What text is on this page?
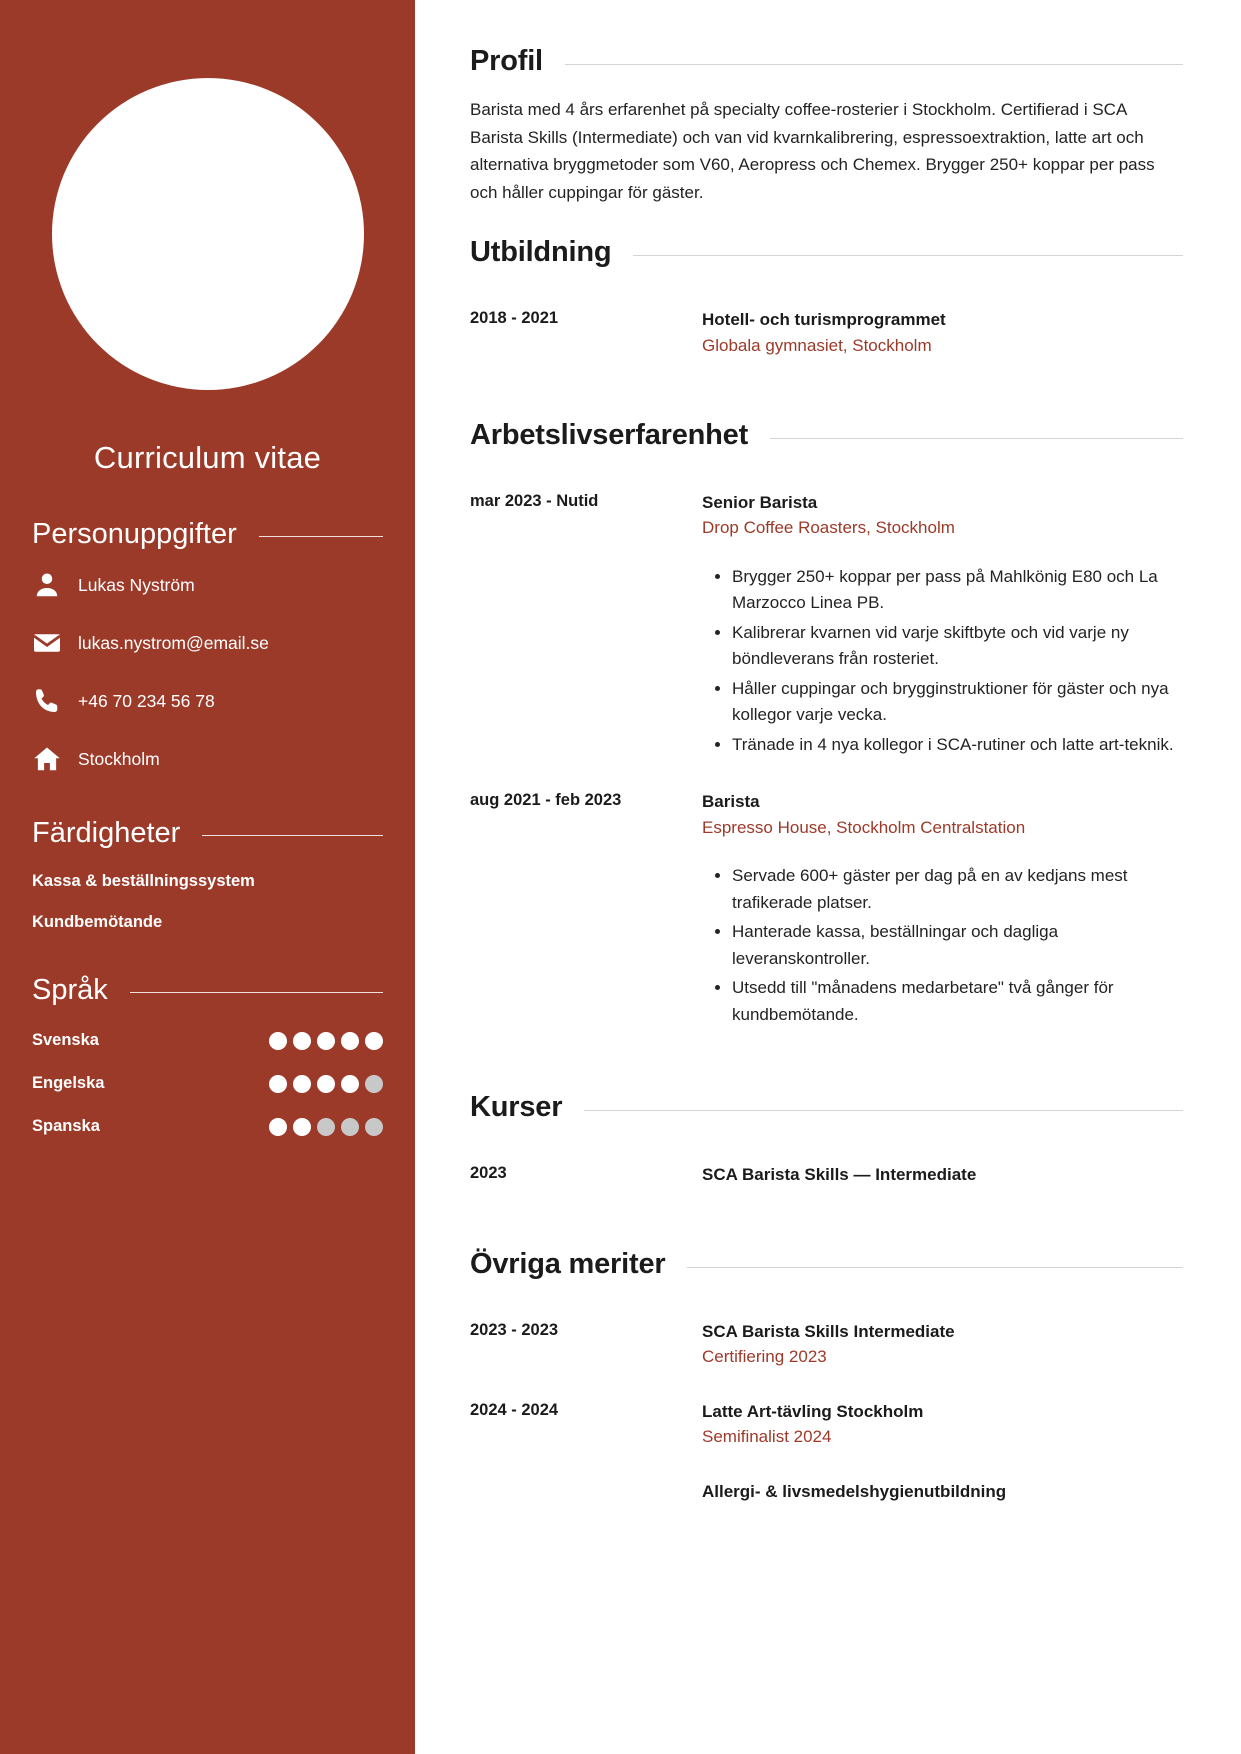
Curriculum vitae
Personuppgifter
Lukas Nyström
lukas.nystrom@email.se
+46 70 234 56 78
Stockholm
Färdigheter
Kassa & beställningssystem
Kundbemötande
Språk
Svenska
Engelska
Spanska
Profil

Barista med 4 års erfarenhet på specialty coffee-rosterier i Stockholm. Certifierad i SCA Barista Skills (Intermediate) och van vid kvarnkalibrering, espressoextraktion, latte art och alternativa bryggmetoder som V60, Aeropress och Chemex. Brygger 250+ koppar per pass och håller cuppingar för gäster.

Utbildning
2018 - 2021	Hotell- och turismprogrammet
Globala gymnasiet, Stockholm
Arbetslivserfarenhet
mar 2023 - Nutid	Senior Barista
Drop Coffee Roasters, Stockholm
• Brygger 250+ koppar per pass på Mahlkönig E80 och La Marzocco Linea PB.
• Kalibrerar kvarnen vid varje skiftbyte och vid varje ny böndleverans från rosteriet.
• Håller cuppingar och brygginstruktioner för gäster och nya kollegor varje vecka.
• Tränade in 4 nya kollegor i SCA-rutiner och latte art-teknik.
aug 2021 - feb 2023	Barista
Espresso House, Stockholm Centralstation
• Servade 600+ gäster per dag på en av kedjans mest trafikerade platser.
• Hanterade kassa, beställningar och dagliga leveranskontroller.
• Utsedd till "månadens medarbetare" två gånger för kundbemötande.
Kurser
2023	SCA Barista Skills — Intermediate
Övriga meriter
2023 - 2023	SCA Barista Skills Intermediate
Certifiering 2023
2024 - 2024	Latte Art-tävling Stockholm
Semifinalist 2024
Allergi- & livsmedelshygienutbildning
